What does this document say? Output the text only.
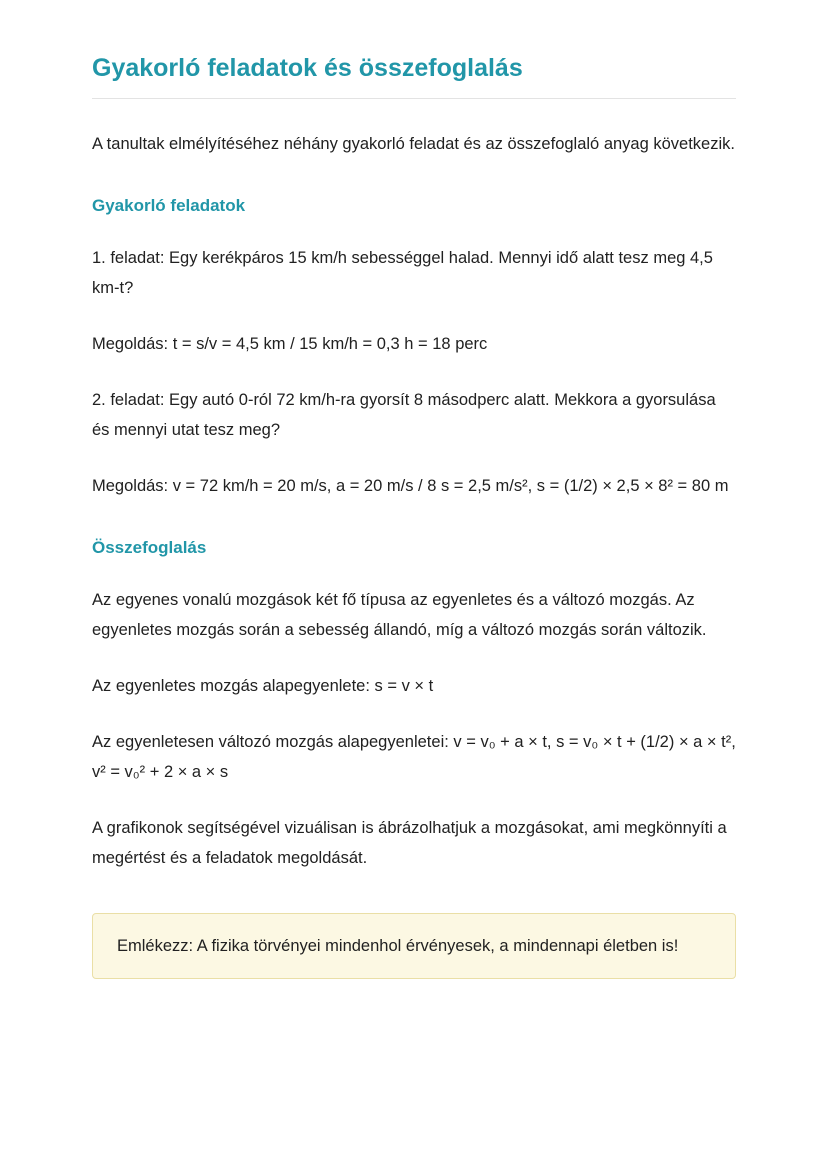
Gyakorló feladatok és összefoglalás

A tanultak elmélyítéséhez néhány gyakorló feladat és az összefoglaló anyag következik.

Gyakorló feladatok

1. feladat: Egy kerékpáros 15 km/h sebességgel halad. Mennyi idő alatt tesz meg 4,5 km-t?

Megoldás: t = s/v = 4,5 km / 15 km/h = 0,3 h = 18 perc

2. feladat: Egy autó 0-ról 72 km/h-ra gyorsít 8 másodperc alatt. Mekkora a gyorsulása és mennyi utat tesz meg?

Megoldás: v = 72 km/h = 20 m/s, a = 20 m/s / 8 s = 2,5 m/s², s = (1/2) × 2,5 × 8² = 80 m

Összefoglalás

Az egyenes vonalú mozgások két fő típusa az egyenletes és a változó mozgás. Az egyenletes mozgás során a sebesség állandó, míg a változó mozgás során változik.

Az egyenletes mozgás alapegyenlete: s = v × t

Az egyenletesen változó mozgás alapegyenletei: v = v₀ + a × t, s = v₀ × t + (1/2) × a × t², v² = v₀² + 2 × a × s

A grafikonok segítségével vizuálisan is ábrázolhatjuk a mozgásokat, ami megkönnyíti a megértést és a feladatok megoldását.

Emlékezz: A fizika törvényei mindenhol érvényesek, a mindennapi életben is!
